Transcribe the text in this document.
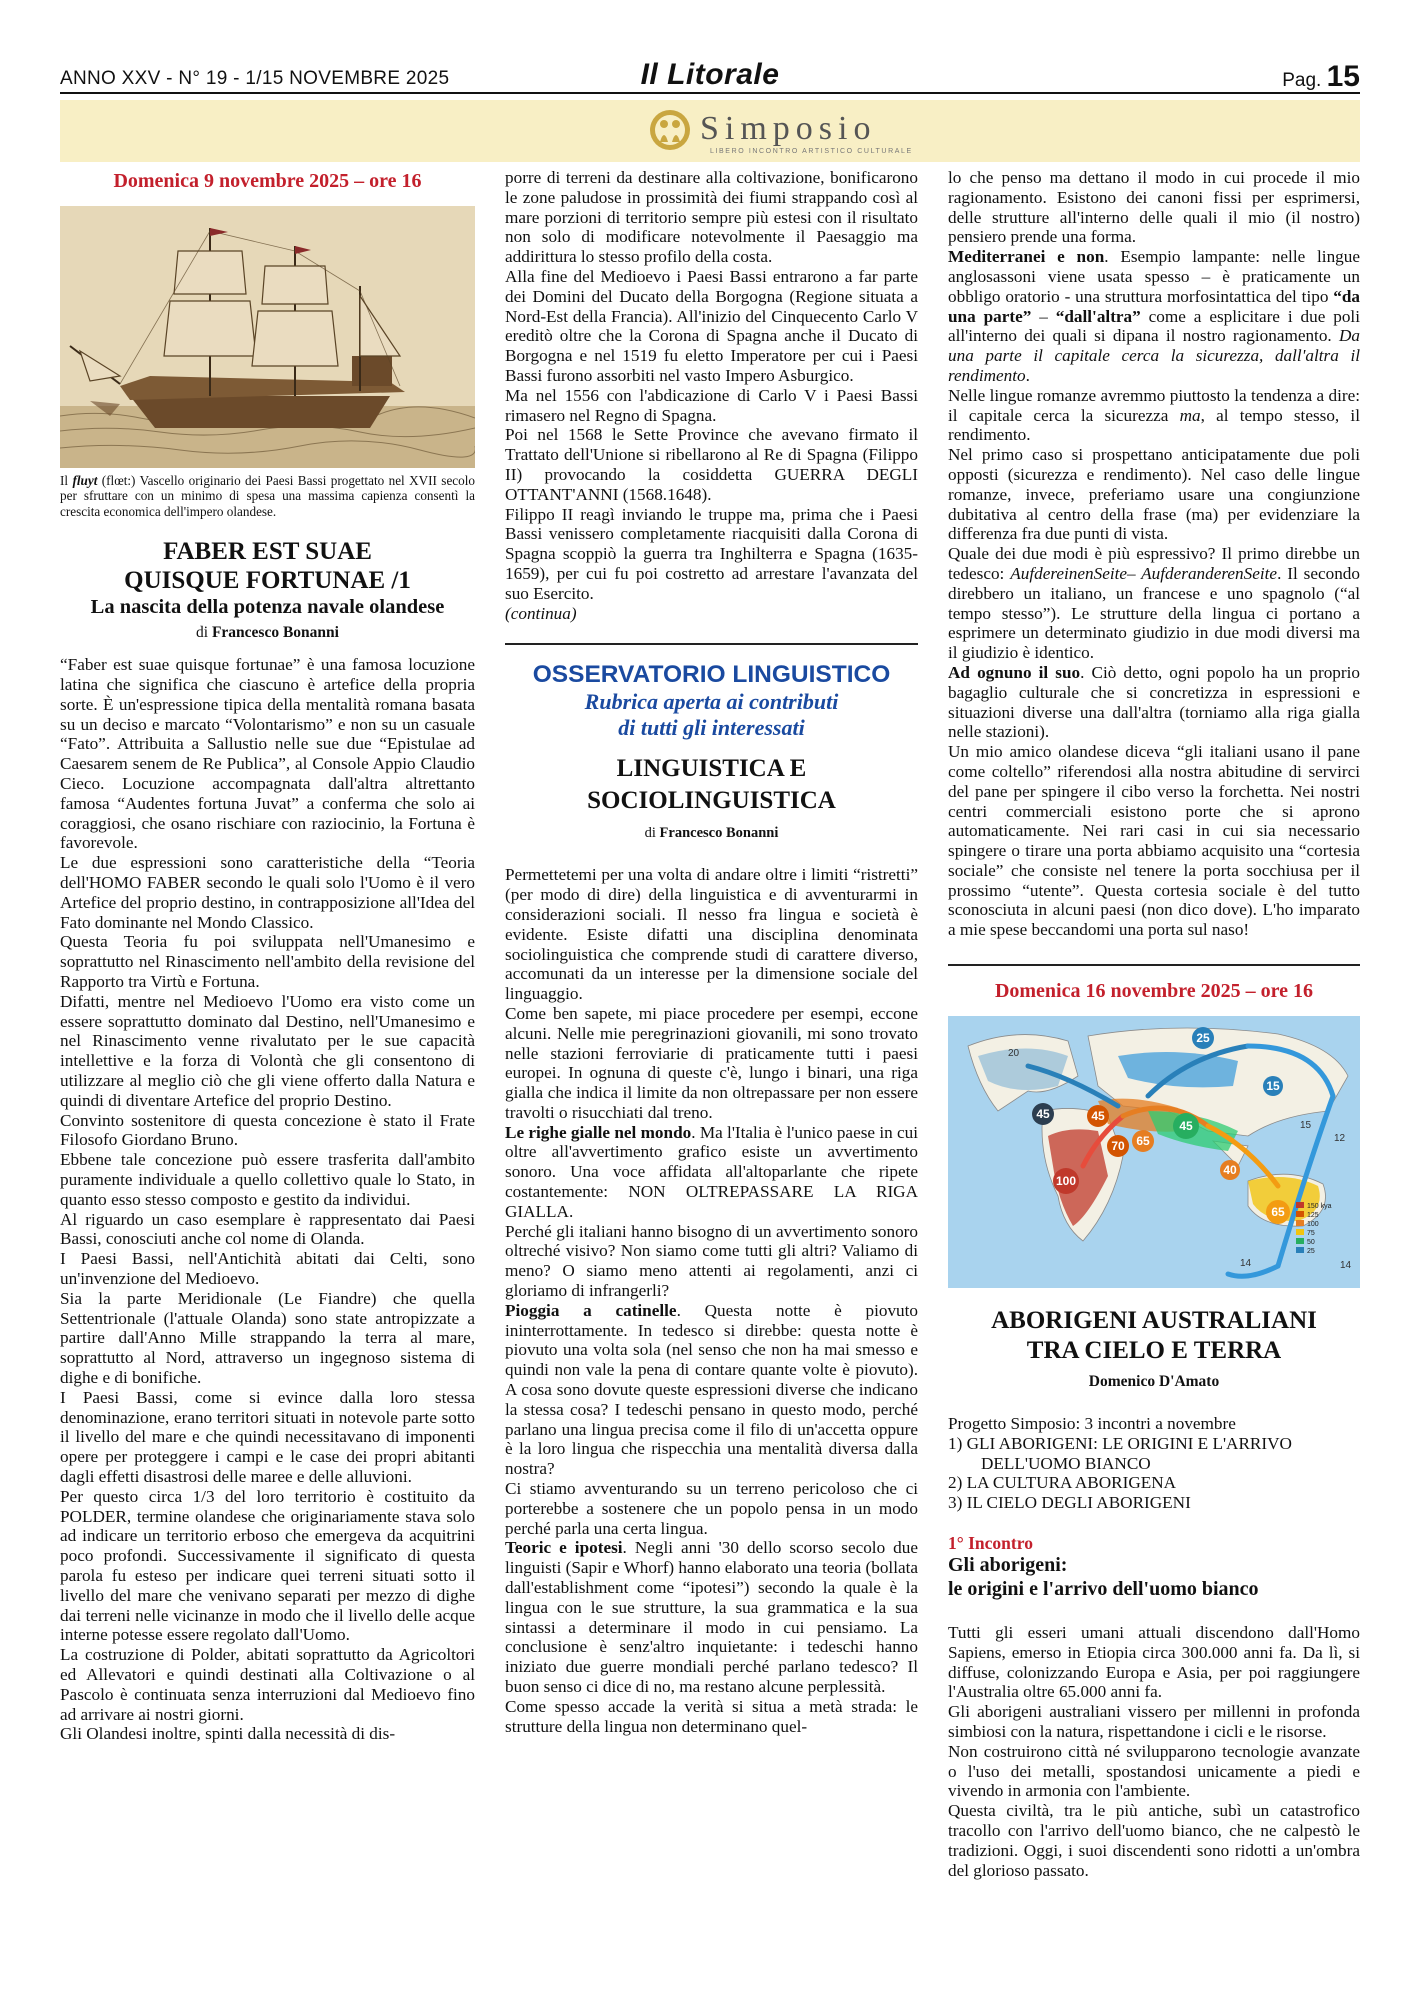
ANNO XXV - N° 19 - 1/15 NOVEMBRE 2025	Il Litorale	Pag. 15
Simposio
LIBERO INCONTRO ARTISTICO CULTURALE
Domenica 9 novembre 2025 – ore 16

Il fluyt (flœt:) Vascello originario dei Paesi Bassi progettato nel XVII secolo per sfruttare con un minimo di spesa una massima capienza consentì la crescita economica dell'impero olandese.

FABER EST SUAE
QUISQUE FORTUNAE /1
La nascita della potenza navale olandese
di Francesco Bonanni

“Faber est suae quisque fortunae” è una famosa locuzione latina che significa che ciascuno è artefice della propria sorte. È un'espressione tipica della mentalità romana basata su un deciso e marcato “Volontarismo” e non su un casuale “Fato”. Attribuita a Sallustio nelle sue due “Epistulae ad Caesarem senem de Re Publica”, al Console Appio Claudio Cieco. Locuzione accompagnata dall'altra altrettanto famosa “Audentes fortuna Juvat” a conferma che solo ai coraggiosi, che osano rischiare con raziocinio, la Fortuna è favorevole.

Le due espressioni sono caratteristiche della “Teoria dell'HOMO FABER secondo le quali solo l'Uomo è il vero Artefice del proprio destino, in contrapposizione all'Idea del Fato dominante nel Mondo Classico.

Questa Teoria fu poi sviluppata nell'Umanesimo e soprattutto nel Rinascimento nell'ambito della revisione del Rapporto tra Virtù e Fortuna.

Difatti, mentre nel Medioevo l'Uomo era visto come un essere soprattutto dominato dal Destino, nell'Umanesimo e nel Rinascimento venne rivalutato per le sue capacità intellettive e la forza di Volontà che gli consentono di utilizzare al meglio ciò che gli viene offerto dalla Natura e quindi di diventare Artefice del proprio Destino.

Convinto sostenitore di questa concezione è stato il Frate Filosofo Giordano Bruno.

Ebbene tale concezione può essere trasferita dall'ambito puramente individuale a quello collettivo quale lo Stato, in quanto esso stesso composto e gestito da individui.

Al riguardo un caso esemplare è rappresentato dai Paesi Bassi, conosciuti anche col nome di Olanda.

I Paesi Bassi, nell'Antichità abitati dai Celti, sono un'invenzione del Medioevo.

Sia la parte Meridionale (Le Fiandre) che quella Settentrionale (l'attuale Olanda) sono state antropizzate a partire dall'Anno Mille strappando la terra al mare, soprattutto al Nord, attraverso un ingegnoso sistema di dighe e di bonifiche.

I Paesi Bassi, come si evince dalla loro stessa denominazione, erano territori situati in notevole parte sotto il livello del mare e che quindi necessitavano di imponenti opere per proteggere i campi e le case dei propri abitanti dagli effetti disastrosi delle maree e delle alluvioni.

Per questo circa 1/3 del loro territorio è costituito da POLDER, termine olandese che originariamente stava solo ad indicare un territorio erboso che emergeva da acquitrini poco profondi. Successivamente il significato di questa parola fu esteso per indicare quei terreni situati sotto il livello del mare che venivano separati per mezzo di dighe dai terreni nelle vicinanze in modo che il livello delle acque interne potesse essere regolato dall'Uomo.

La costruzione di Polder, abitati soprattutto da Agricoltori ed Allevatori e quindi destinati alla Coltivazione o al Pascolo è continuata senza interruzioni dal Medioevo fino ad arrivare ai nostri giorni.

Gli Olandesi inoltre, spinti dalla necessità di dis-

porre di terreni da destinare alla coltivazione, bonificarono le zone paludose in prossimità dei fiumi strappando così al mare porzioni di territorio sempre più estesi con il risultato non solo di modificare notevolmente il Paesaggio ma addirittura lo stesso profilo della costa.

Alla fine del Medioevo i Paesi Bassi entrarono a far parte dei Domini del Ducato della Borgogna (Regione situata a Nord-Est della Francia). All'inizio del Cinquecento Carlo V ereditò oltre che la Corona di Spagna anche il Ducato di Borgogna e nel 1519 fu eletto Imperatore per cui i Paesi Bassi furono assorbiti nel vasto Impero Asburgico.

Ma nel 1556 con l'abdicazione di Carlo V i Paesi Bassi rimasero nel Regno di Spagna.

Poi nel 1568 le Sette Province che avevano firmato il Trattato dell'Unione si ribellarono al Re di Spagna (Filippo II) provocando la cosiddetta GUERRA DEGLI OTTANT'ANNI (1568.1648).

Filippo II reagì inviando le truppe ma, prima che i Paesi Bassi venissero completamente riacquisiti dalla Corona di Spagna scoppiò la guerra tra Inghilterra e Spagna (1635-1659), per cui fu poi costretto ad arrestare l'avanzata del suo Esercito.

(continua)

OSSERVATORIO LINGUISTICO
Rubrica aperta ai contributi
di tutti gli interessati
LINGUISTICA E
SOCIOLINGUISTICA
di Francesco Bonanni

Permettetemi per una volta di andare oltre i limiti “ristretti” (per modo di dire) della linguistica e di avventurarmi in considerazioni sociali. Il nesso fra lingua e società è evidente. Esiste difatti una disciplina denominata sociolinguistica che comprende studi di carattere diverso, accomunati da un interesse per la dimensione sociale del linguaggio.

Come ben sapete, mi piace procedere per esempi, eccone alcuni. Nelle mie peregrinazioni giovanili, mi sono trovato nelle stazioni ferroviarie di praticamente tutti i paesi europei. In ognuna di queste c'è, lungo i binari, una riga gialla che indica il limite da non oltrepassare per non essere travolti o risucchiati dal treno.

Le righe gialle nel mondo. Ma l'Italia è l'unico paese in cui oltre all'avvertimento grafico esiste un avvertimento sonoro. Una voce affidata all'altoparlante che ripete costantemente: NON OLTREPASSARE LA RIGA GIALLA.

Perché gli italiani hanno bisogno di un avvertimento sonoro oltreché visivo? Non siamo come tutti gli altri? Valiamo di meno? O siamo meno attenti ai regolamenti, anzi ci gloriamo di infrangerli?

Pioggia a catinelle. Questa notte è piovuto ininterrottamente. In tedesco si direbbe: questa notte è piovuto una volta sola (nel senso che non ha mai smesso e quindi non vale la pena di contare quante volte è piovuto). A cosa sono dovute queste espressioni diverse che indicano la stessa cosa? I tedeschi pensano in questo modo, perché parlano una lingua precisa come il filo di un'accetta oppure è la loro lingua che rispecchia una mentalità diversa dalla nostra?

Ci stiamo avventurando su un terreno pericoloso che ci porterebbe a sostenere che un popolo pensa in un modo perché parla una certa lingua.

Teoric e ipotesi. Negli anni '30 dello scorso secolo due linguisti (Sapir e Whorf) hanno elaborato una teoria (bollata dall'establishment come “ipotesi”) secondo la quale è la lingua con le sue strutture, la sua grammatica e la sua sintassi a determinare il modo in cui pensiamo. La conclusione è senz'altro inquietante: i tedeschi hanno iniziato due guerre mondiali perché parlano tedesco? Il buon senso ci dice di no, ma restano alcune perplessità.

Come spesso accade la verità si situa a metà strada: le strutture della lingua non determinano quel-

lo che penso ma dettano il modo in cui procede il mio ragionamento. Esistono dei canoni fissi per esprimersi, delle strutture all'interno delle quali il mio (il nostro) pensiero prende una forma.

Mediterranei e non. Esempio lampante: nelle lingue anglosassoni viene usata spesso – è praticamente un obbligo oratorio - una struttura morfosintattica del tipo “da una parte” – “dall'altra” come a esplicitare i due poli all'interno dei quali si dipana il nostro ragionamento. Da una parte il capitale cerca la sicurezza, dall'altra il rendimento.

Nelle lingue romanze avremmo piuttosto la tendenza a dire: il capitale cerca la sicurezza ma, al tempo stesso, il rendimento.

Nel primo caso si prospettano anticipatamente due poli opposti (sicurezza e rendimento). Nel caso delle lingue romanze, invece, preferiamo usare una congiunzione dubitativa al centro della frase (ma) per evidenziare la differenza fra due punti di vista.

Quale dei due modi è più espressivo? Il primo direbbe un tedesco: AufdereinenSeite– AufderanderenSeite. Il secondo direbbero un italiano, un francese e uno spagnolo (“al tempo stesso”). Le strutture della lingua ci portano a esprimere un determinato giudizio in due modi diversi ma il giudizio è identico.

Ad ognuno il suo. Ciò detto, ogni popolo ha un proprio bagaglio culturale che si concretizza in espressioni e situazioni diverse una dall'altra (torniamo alla riga gialla nelle stazioni).

Un mio amico olandese diceva “gli italiani usano il pane come coltello” riferendosi alla nostra abitudine di servirci del pane per spingere il cibo verso la forchetta. Nei nostri centri commerciali esistono porte che si aprono automaticamente. Nei rari casi in cui sia necessario spingere o tirare una porta abbiamo acquisito una “cortesia sociale” che consiste nel tenere la porta socchiusa per il prossimo “utente”. Questa cortesia sociale è del tutto sconosciuta in alcuni paesi (non dico dove). L'ho imparato a mie spese beccandomi una porta sul naso!

Domenica 16 novembre 2025 – ore 16
25
45
45
70 65
15
45
40
100
65
14
15
12
20
14
150 kya
125
100
75
50
25
ABORIGENI AUSTRALIANI
TRA CIELO E TERRA
Domenico D'Amato

Progetto Simposio: 3 incontri a novembre

1) GLI ABORIGENI: LE ORIGINI E L'ARRIVO

DELL'UOMO BIANCO

2) LA CULTURA ABORIGENA

3) IL CIELO DEGLI ABORIGENI

1° Incontro
Gli aborigeni:
le origini e l'arrivo dell'uomo bianco

Tutti gli esseri umani attuali discendono dall'Homo Sapiens, emerso in Etiopia circa 300.000 anni fa. Da lì, si diffuse, colonizzando Europa e Asia, per poi raggiungere l'Australia oltre 65.000 anni fa.

Gli aborigeni australiani vissero per millenni in profonda simbiosi con la natura, rispettandone i cicli e le risorse.

Non costruirono città né svilupparono tecnologie avanzate o l'uso dei metalli, spostandosi unicamente a piedi e vivendo in armonia con l'ambiente.

Questa civiltà, tra le più antiche, subì un catastrofico tracollo con l'arrivo dell'uomo bianco, che ne calpestò le tradizioni. Oggi, i suoi discendenti sono ridotti a un'ombra del glorioso passato.
